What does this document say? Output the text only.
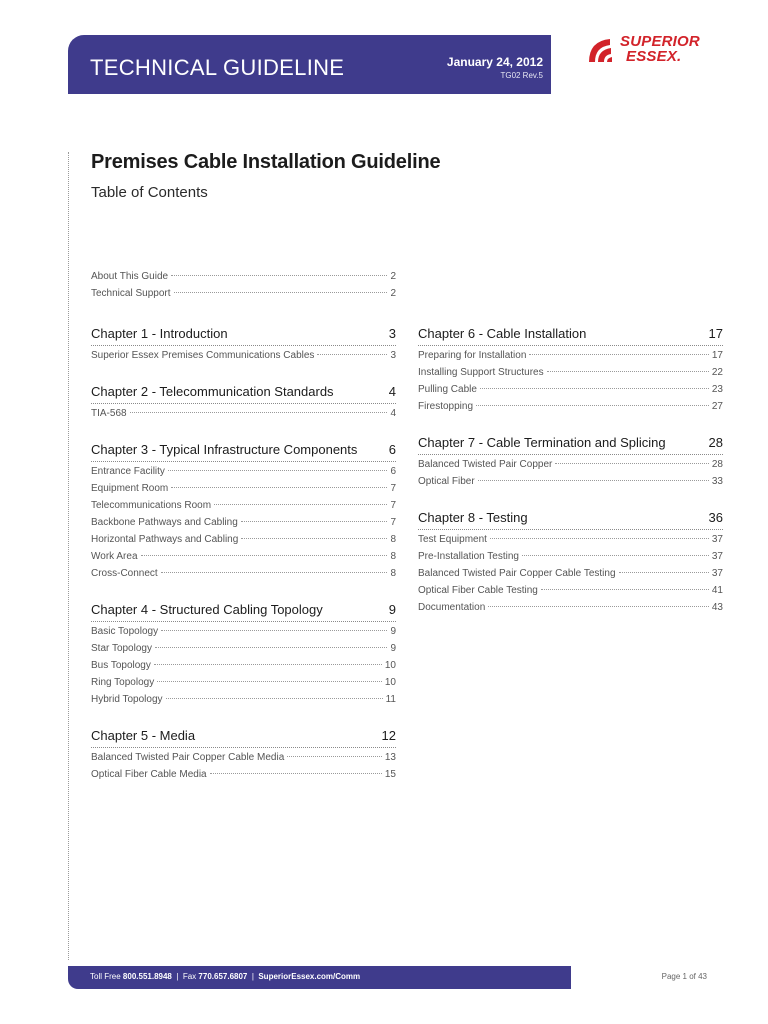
TECHNICAL GUIDELINE	January 24, 2012
TG02 Rev.5
SUPERIOR
ESSEX.
Premises Cable Installation Guideline
Table of Contents
About This Guide	2
Technical Support	2
Chapter 1 - Introduction	3
Superior Essex Premises Communications Cables	3
Chapter 2 - Telecommunication Standards	4
TIA-568	4
Chapter 3 - Typical Infrastructure Components 6
Entrance Facility	6
Equipment Room	7
Telecommunications Room	7
Backbone Pathways and Cabling	7
Horizontal Pathways and Cabling	8
Work Area	8
Cross-Connect	8
Chapter 4 - Structured Cabling Topology	9
Basic Topology	9
Star Topology	9
Bus Topology	10
Ring Topology	10
Hybrid Topology	11
Chapter 5 - Media	12
Balanced Twisted Pair Copper Cable Media	13
Optical Fiber Cable Media	15
Chapter 6 - Cable Installation	17
Preparing for Installation	17
Installing Support Structures	22
Pulling Cable	23
Firestopping	27
Chapter 7 - Cable Termination and Splicing	28
Balanced Twisted Pair Copper	28
Optical Fiber	33
Chapter 8 - Testing	36
Test Equipment	37
Pre-Installation Testing	37
Balanced Twisted Pair Copper Cable Testing	37
Optical Fiber Cable Testing	41
Documentation	43
Toll Free 800.551.8948 | Fax 770.657.6807 | SuperiorEssex.com/Comm	Page 1 of 43
